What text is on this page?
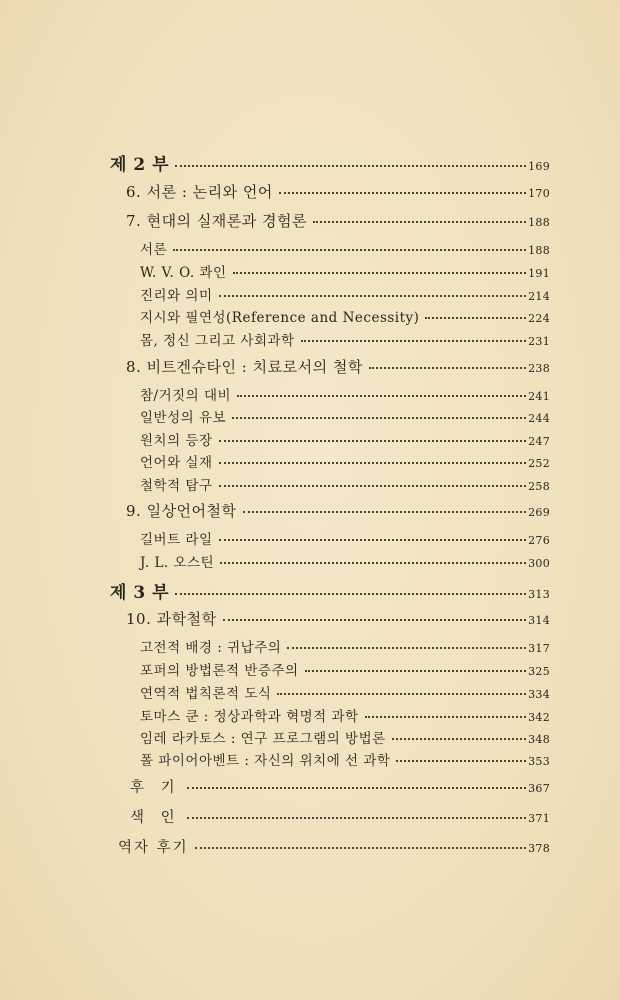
제 2 부	169
6. 서론 : 논리와 언어	170
7. 현대의 실재론과 경험론	188
서론	188
W. V. O. 콰인	191
진리와 의미	214
지시와 필연성(Reference and Necessity)	224
몸, 정신 그리고 사회과학	231
8. 비트겐슈타인 : 치료로서의 철학	238
참/거짓의 대비	241
일반성의 유보	244
원치의 등장	247
언어와 실재	252
철학적 탐구	258
9. 일상언어철학	269
길버트 라일	276
J. L. 오스틴	300
제 3 부	313
10. 과학철학	314
고전적 배경 : 귀납주의	317
포퍼의 방법론적 반증주의	325
연역적 법칙론적 도식	334
토마스 쿤 : 정상과학과 혁명적 과학	342
임레 라카토스 : 연구 프로그램의 방법론	348
폴 파이어아벤트 : 자신의 위치에 선 과학	353
후 기	367
색 인	371
역자 후기	378
